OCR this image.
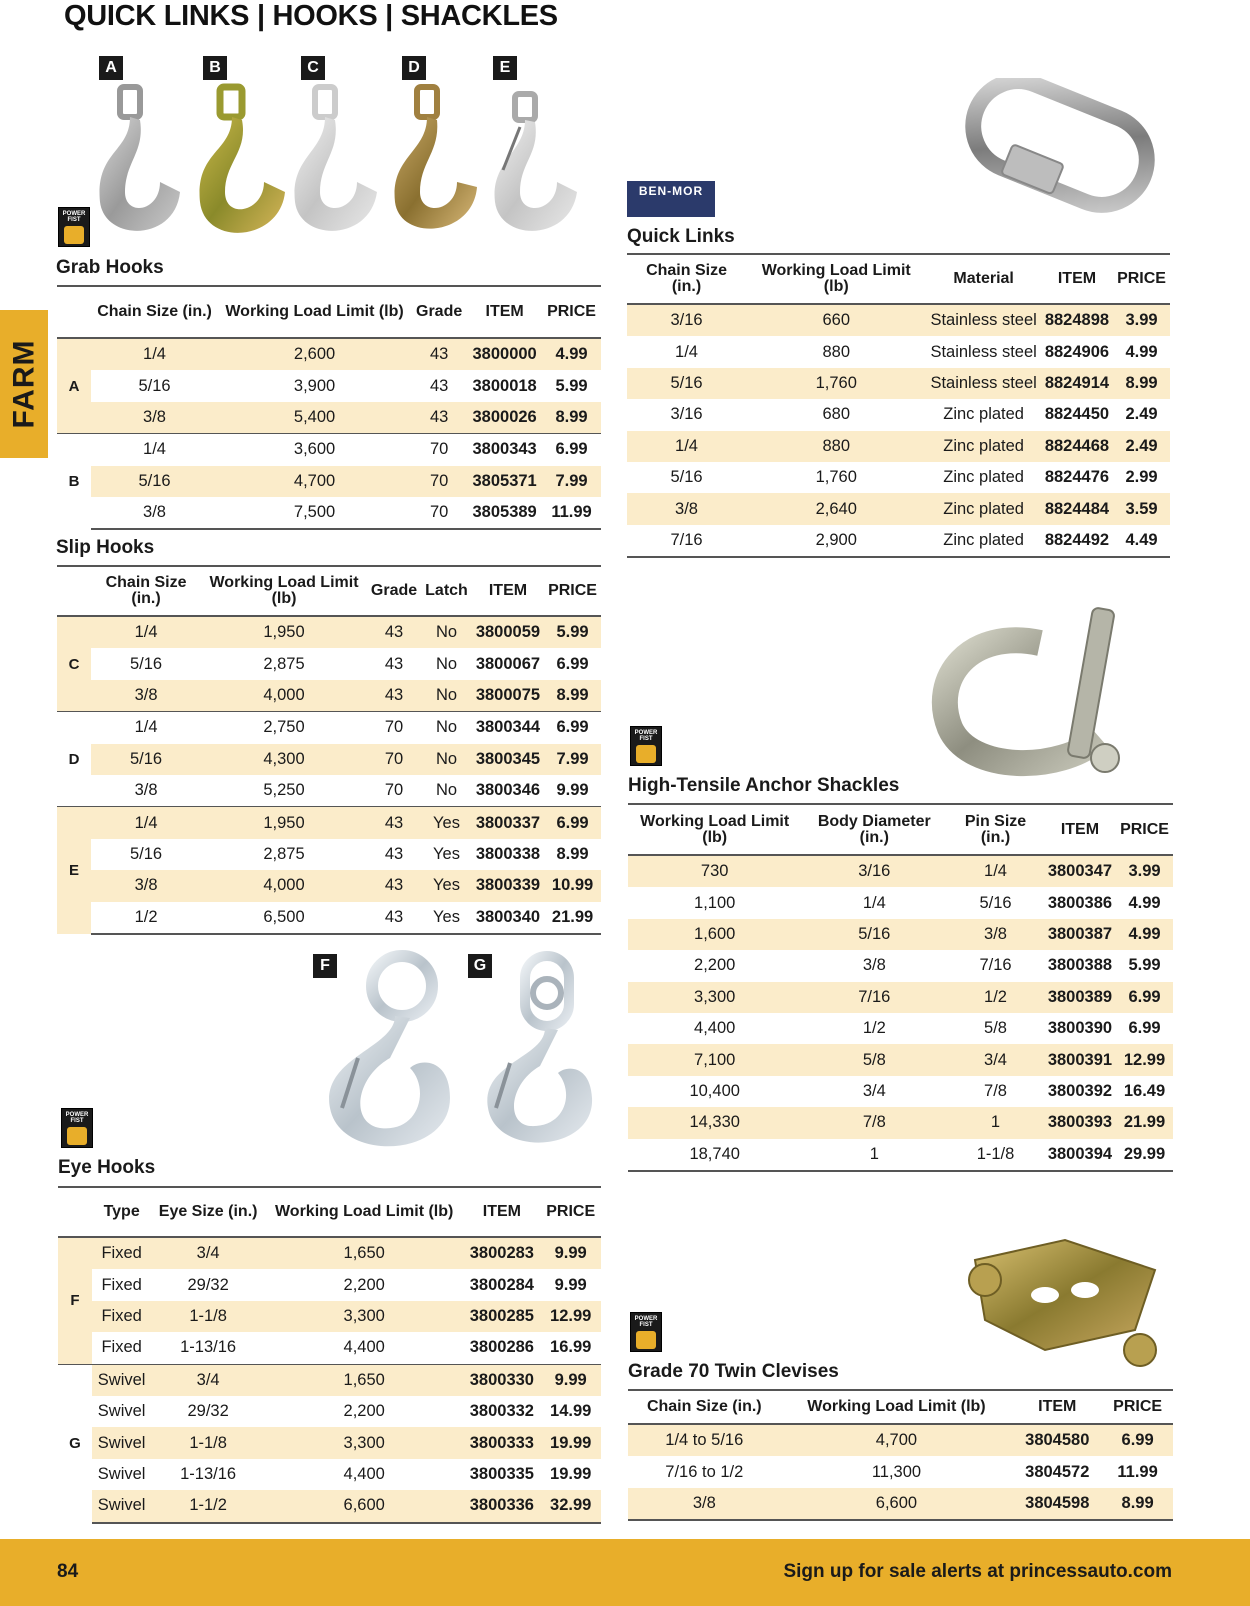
QUICK LINKS | HOOKS | SHACKLES
FARM
A	B	C	D	E
POWER FIST
Grab Hooks
	Chain Size (in.)	Working Load Limit (lb)	Grade	ITEM	PRICE
A	1/4	2,600	43	3800000	4.99
	5/16	3,900	43	3800018	5.99
	3/8	5,400	43	3800026	8.99
B	1/4	3,600	70	3800343	6.99
	5/16	4,700	70	3805371	7.99
	3/8	7,500	70	3805389	11.99
Slip Hooks
	Chain Size (in.)	Working Load Limit (lb)	Grade	Latch	ITEM	PRICE
C	1/4	1,950	43	No	3800059	5.99
	5/16	2,875	43	No	3800067	6.99
	3/8	4,000	43	No	3800075	8.99
D	1/4	2,750	70	No	3800344	6.99
	5/16	4,300	70	No	3800345	7.99
	3/8	5,250	70	No	3800346	9.99
E	1/4	1,950	43	Yes	3800337	6.99
	5/16	2,875	43	Yes	3800338	8.99
	3/8	4,000	43	Yes	3800339	10.99
	1/2	6,500	43	Yes	3800340	21.99
F	G
POWER FIST
Eye Hooks
	Type	Eye Size (in.)	Working Load Limit (lb)	ITEM	PRICE
F	Fixed	3/4	1,650	3800283	9.99
	Fixed	29/32	2,200	3800284	9.99
	Fixed	1-1/8	3,300	3800285	12.99
	Fixed	1-13/16	4,400	3800286	16.99
G	Swivel	3/4	1,650	3800330	9.99
	Swivel	29/32	2,200	3800332	14.99
	Swivel	1-1/8	3,300	3800333	19.99
	Swivel	1-13/16	4,400	3800335	19.99
	Swivel	1-1/2	6,600	3800336	32.99
BEN-MOR
Quick Links
Chain Size (in.)	Working Load Limit (lb)	Material	ITEM	PRICE
3/16	660	Stainless steel	8824898	3.99
1/4	880	Stainless steel	8824906	4.99
5/16	1,760	Stainless steel	8824914	8.99
3/16	680	Zinc plated	8824450	2.49
1/4	880	Zinc plated	8824468	2.49
5/16	1,760	Zinc plated	8824476	2.99
3/8	2,640	Zinc plated	8824484	3.59
7/16	2,900	Zinc plated	8824492	4.49
POWER FIST
High-Tensile Anchor Shackles
Working Load Limit (lb)	Body Diameter (in.)	Pin Size (in.)	ITEM	PRICE
730	3/16	1/4	3800347	3.99
1,100	1/4	5/16	3800386	4.99
1,600	5/16	3/8	3800387	4.99
2,200	3/8	7/16	3800388	5.99
3,300	7/16	1/2	3800389	6.99
4,400	1/2	5/8	3800390	6.99
7,100	5/8	3/4	3800391	12.99
10,400	3/4	7/8	3800392	16.49
14,330	7/8	1	3800393	21.99
18,740	1	1-1/8	3800394	29.99
POWER FIST
Grade 70 Twin Clevises
Chain Size (in.)	Working Load Limit (lb)	ITEM	PRICE
1/4 to 5/16	4,700	3804580	6.99
7/16 to 1/2	11,300	3804572	11.99
3/8	6,600	3804598	8.99
84	Sign up for sale alerts at princessauto.com
